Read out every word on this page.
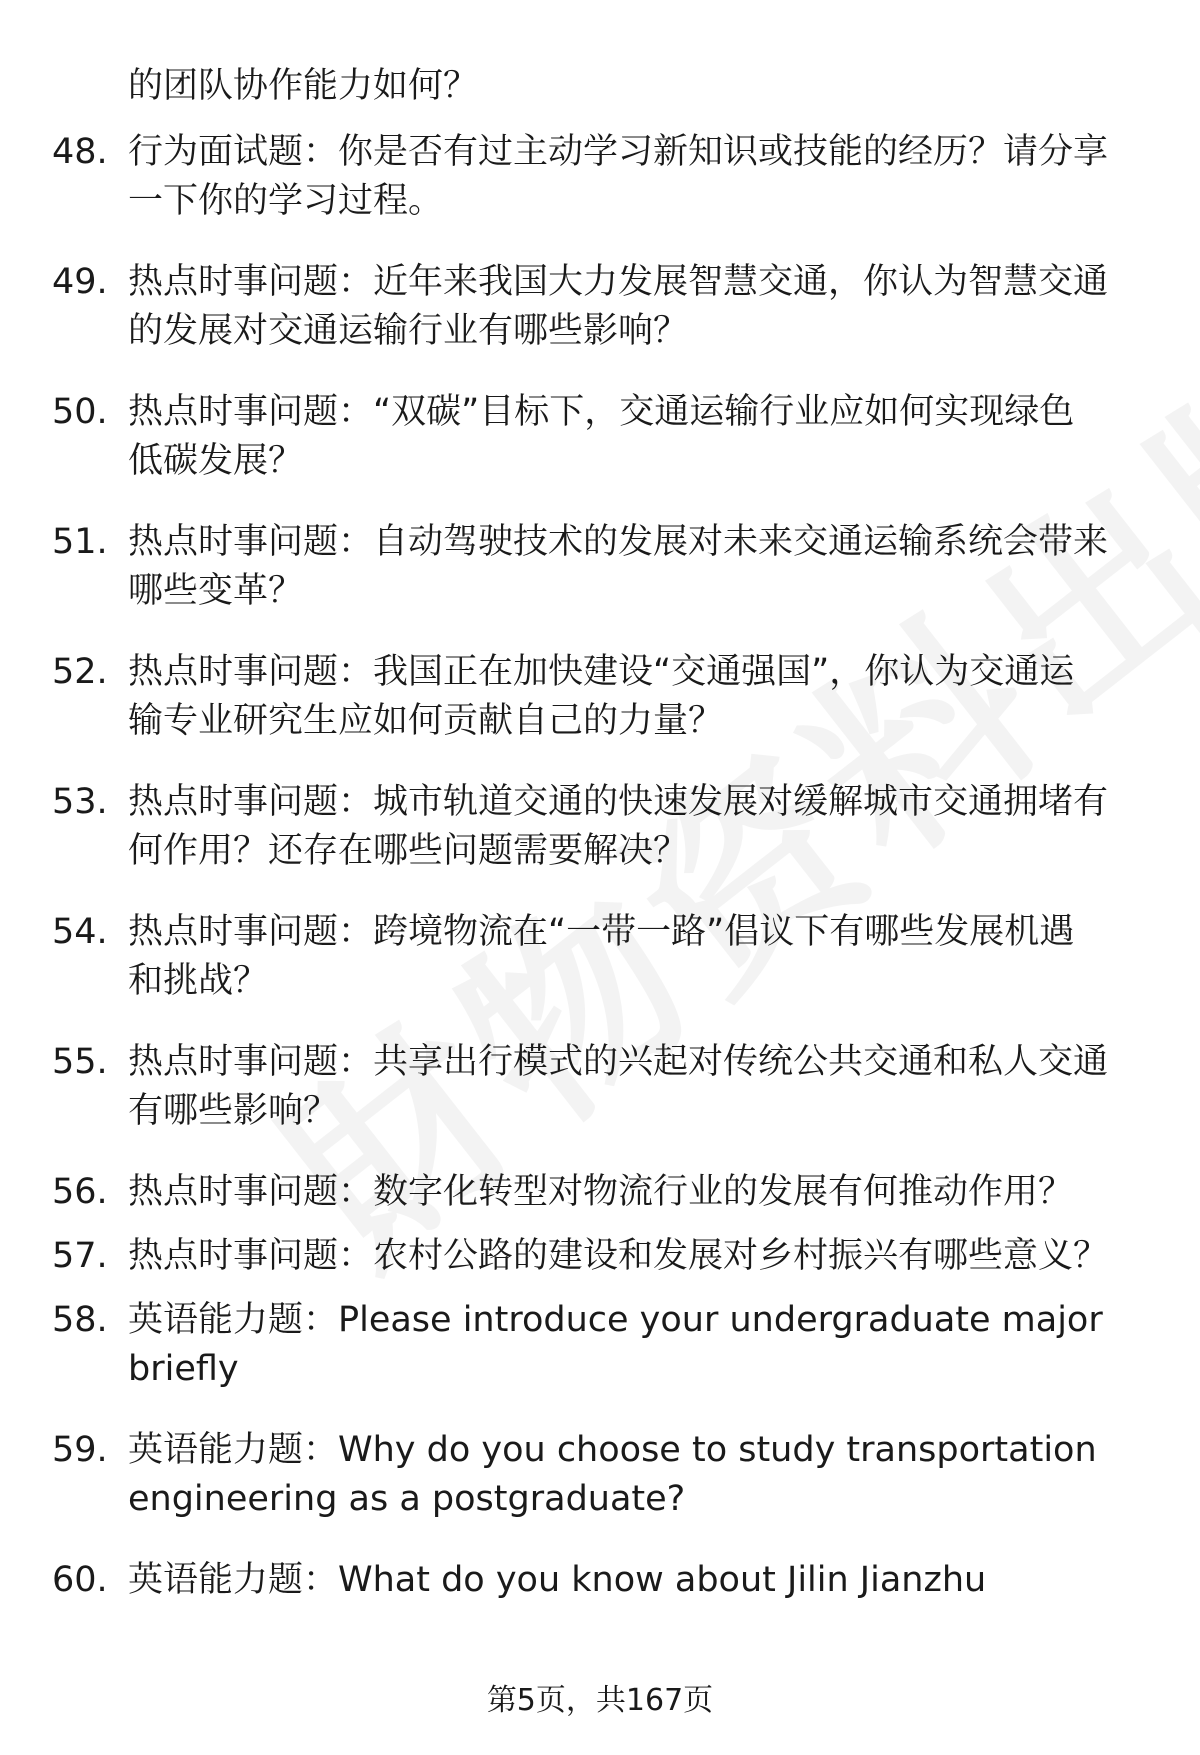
的团队协作能力如何？
48. 行为面试题：你是否有过主动学习新知识或技能的经历？请分享
一下你的学习过程。
49. 热点时事问题：近年来我国大力发展智慧交通，你认为智慧交通
的发展对交通运输行业有哪些影响？
50. 热点时事问题：“双碳”目标下，交通运输行业应如何实现绿色
低碳发展？
51. 热点时事问题：自动驾驶技术的发展对未来交通运输系统会带来
哪些变革？
52. 热点时事问题：我国正在加快建设“交通强国”，你认为交通运
输专业研究生应如何贡献自己的力量？
53. 热点时事问题：城市轨道交通的快速发展对缓解城市交通拥堵有
何作用？还存在哪些问题需要解决？
54. 热点时事问题：跨境物流在“一带一路”倡议下有哪些发展机遇
和挑战？
55. 热点时事问题：共享出行模式的兴起对传统公共交通和私人交通
有哪些影响？
56. 热点时事问题：数字化转型对物流行业的发展有何推动作用？
57. 热点时事问题：农村公路的建设和发展对乡村振兴有哪些意义？
58. 英语能力题：Please introduce your undergraduate major
briefly
59. 英语能力题：Why do you choose to study transportation
engineering as a postgraduate?
60. 英语能力题：What do you know about Jilin Jianzhu
第5页，共167页
